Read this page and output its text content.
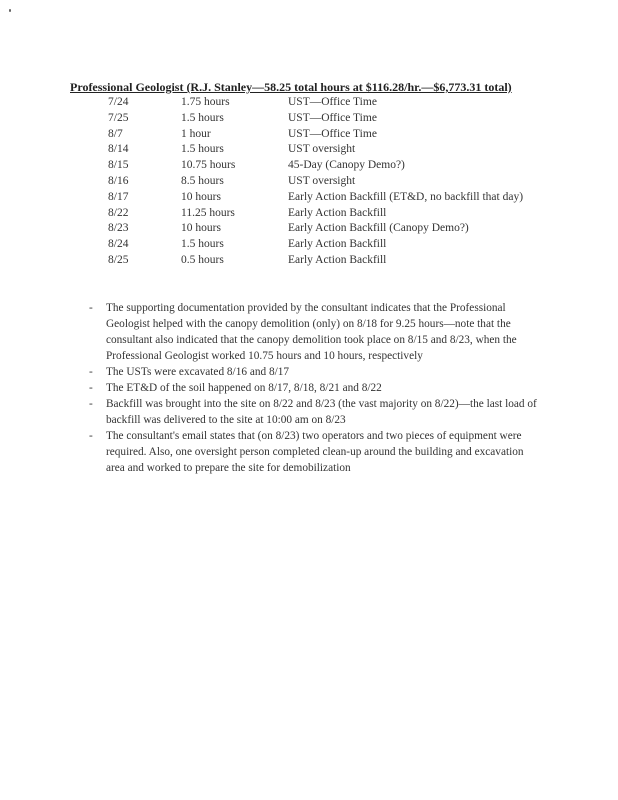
Professional Geologist (R.J. Stanley—58.25 total hours at $116.28/hr.—$6,773.31 total)
7/24	1.75 hours	UST—Office Time
7/25	1.5 hours	UST—Office Time
8/7	1 hour	UST—Office Time
8/14	1.5 hours	UST oversight
8/15	10.75 hours	45-Day (Canopy Demo?)
8/16	8.5 hours	UST oversight
8/17	10 hours	Early Action Backfill (ET&D, no backfill that day)
8/22	11.25 hours	Early Action Backfill
8/23	10 hours	Early Action Backfill (Canopy Demo?)
8/24	1.5 hours	Early Action Backfill
8/25	0.5 hours	Early Action Backfill

- The supporting documentation provided by the consultant indicates that the Professional Geologist helped with the canopy demolition (only) on 8/18 for 9.25 hours—note that the consultant also indicated that the canopy demolition took place on 8/15 and 8/23, when the Professional Geologist worked 10.75 hours and 10 hours, respectively

- The USTs were excavated 8/16 and 8/17

- The ET&D of the soil happened on 8/17, 8/18, 8/21 and 8/22

- Backfill was brought into the site on 8/22 and 8/23 (the vast majority on 8/22)—the last load of backfill was delivered to the site at 10:00 am on 8/23

- The consultant's email states that (on 8/23) two operators and two pieces of equipment were required. Also, one oversight person completed clean-up around the building and excavation area and worked to prepare the site for demobilization
